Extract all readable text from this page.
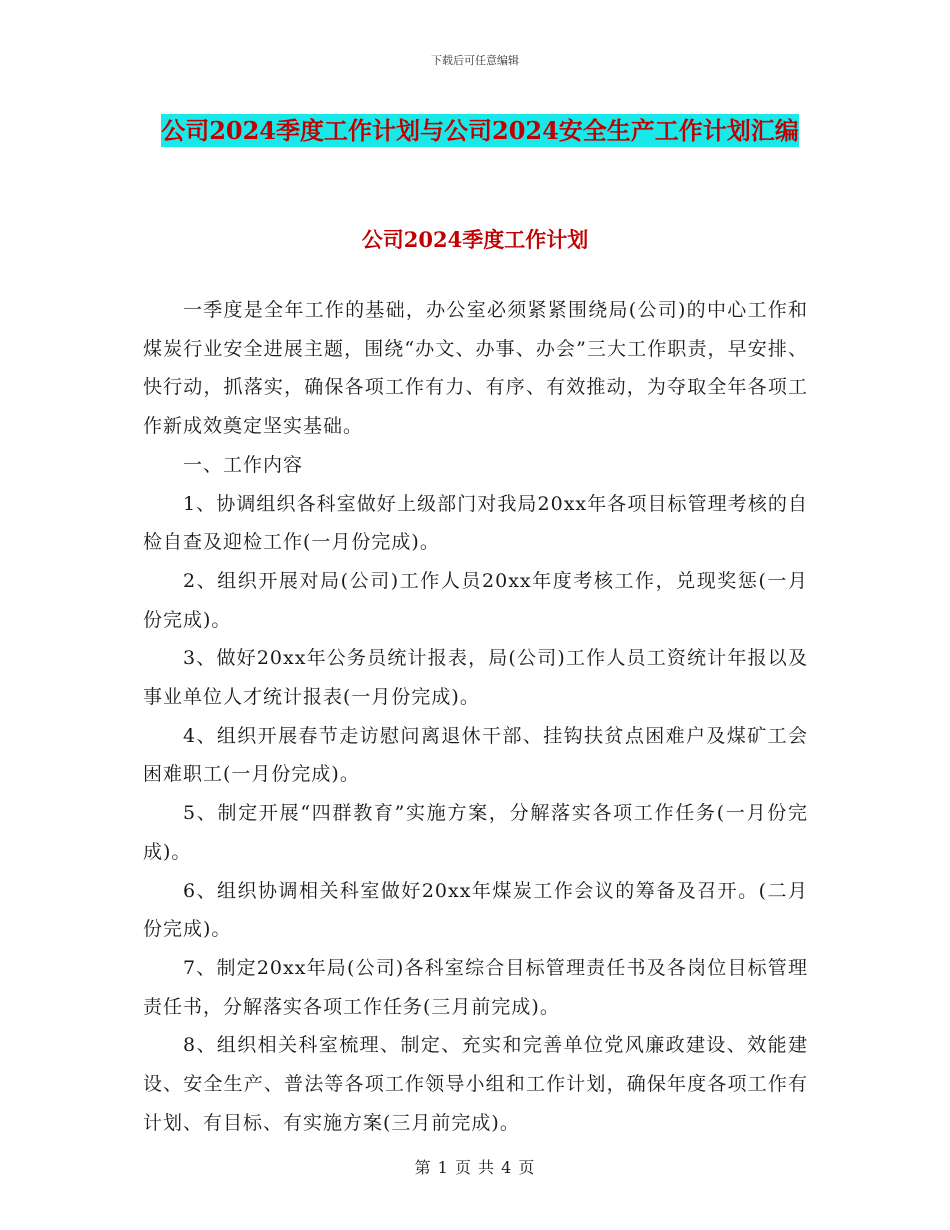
下载后可任意编辑
公司2024季度工作计划与公司2024安全生产工作计划汇编
公司2024季度工作计划

一季度是全年工作的基础，办公室必须紧紧围绕局(公司)的中心工作和煤炭行业安全进展主题，围绕“办文、办事、办会”三大工作职责，早安排、快行动，抓落实，确保各项工作有力、有序、有效推动，为夺取全年各项工作新成效奠定坚实基础。

一、工作内容

1、协调组织各科室做好上级部门对我局20xx年各项目标管理考核的自检自查及迎检工作(一月份完成)。

2、组织开展对局(公司)工作人员20xx年度考核工作，兑现奖惩(一月份完成)。

3、做好20xx年公务员统计报表，局(公司)工作人员工资统计年报以及事业单位人才统计报表(一月份完成)。

4、组织开展春节走访慰问离退休干部、挂钩扶贫点困难户及煤矿工会困难职工(一月份完成)。

5、制定开展“四群教育”实施方案，分解落实各项工作任务(一月份完成)。

6、组织协调相关科室做好20xx年煤炭工作会议的筹备及召开。(二月份完成)。

7、制定20xx年局(公司)各科室综合目标管理责任书及各岗位目标管理责任书，分解落实各项工作任务(三月前完成)。

8、组织相关科室梳理、制定、充实和完善单位党风廉政建设、效能建设、安全生产、普法等各项工作领导小组和工作计划，确保年度各项工作有计划、有目标、有实施方案(三月前完成)。

第 1 页 共 4 页
